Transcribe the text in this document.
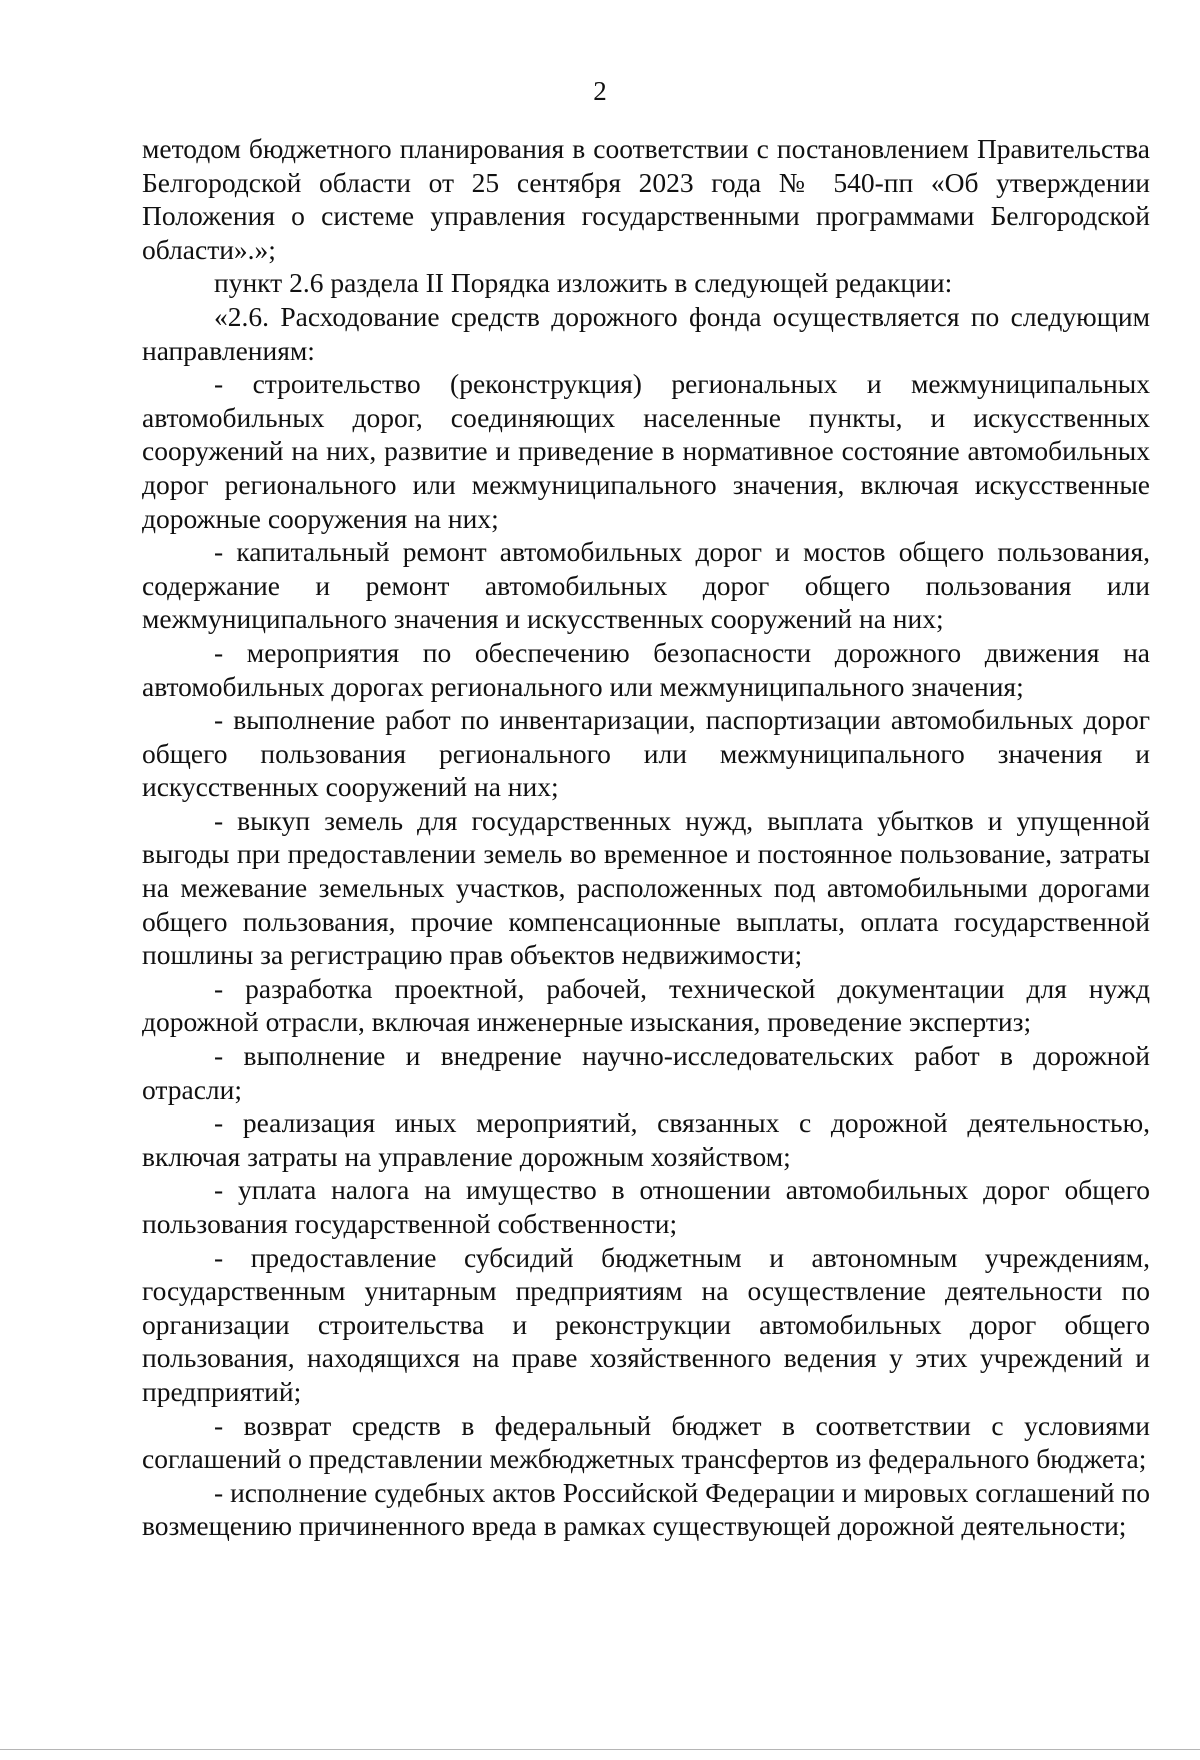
2

методом бюджетного планирования в соответствии с постановлением Правительства Белгородской области от 25 сентября 2023 года № 540-пп «Об утверждении Положения о системе управления государственными программами Белгородской области».»;

пункт 2.6 раздела II Порядка изложить в следующей редакции:

«2.6. Расходование средств дорожного фонда осуществляется по следующим направлениям:

- строительство (реконструкция) региональных и межмуниципальных автомобильных дорог, соединяющих населенные пункты, и искусственных сооружений на них, развитие и приведение в нормативное состояние автомобильных дорог регионального или межмуниципального значения, включая искусственные дорожные сооружения на них;

- капитальный ремонт автомобильных дорог и мостов общего пользования, содержание и ремонт автомобильных дорог общего пользования или межмуниципального значения и искусственных сооружений на них;

- мероприятия по обеспечению безопасности дорожного движения на автомобильных дорогах регионального или межмуниципального значения;

- выполнение работ по инвентаризации, паспортизации автомобильных дорог общего пользования регионального или межмуниципального значения и искусственных сооружений на них;

- выкуп земель для государственных нужд, выплата убытков и упущенной выгоды при предоставлении земель во временное и постоянное пользование, затраты на межевание земельных участков, расположенных под автомобильными дорогами общего пользования, прочие компенсационные выплаты, оплата государственной пошлины за регистрацию прав объектов недвижимости;

- разработка проектной, рабочей, технической документации для нужд дорожной отрасли, включая инженерные изыскания, проведение экспертиз;

- выполнение и внедрение научно-исследовательских работ в дорожной отрасли;

- реализация иных мероприятий, связанных с дорожной деятельностью, включая затраты на управление дорожным хозяйством;

- уплата налога на имущество в отношении автомобильных дорог общего пользования государственной собственности;

- предоставление субсидий бюджетным и автономным учреждениям, государственным унитарным предприятиям на осуществление деятельности по организации строительства и реконструкции автомобильных дорог общего пользования, находящихся на праве хозяйственного ведения у этих учреждений и предприятий;

- возврат средств в федеральный бюджет в соответствии с условиями соглашений о представлении межбюджетных трансфертов из федерального бюджета;

- исполнение судебных актов Российской Федерации и мировых соглашений по возмещению причиненного вреда в рамках существующей дорожной деятельности;
